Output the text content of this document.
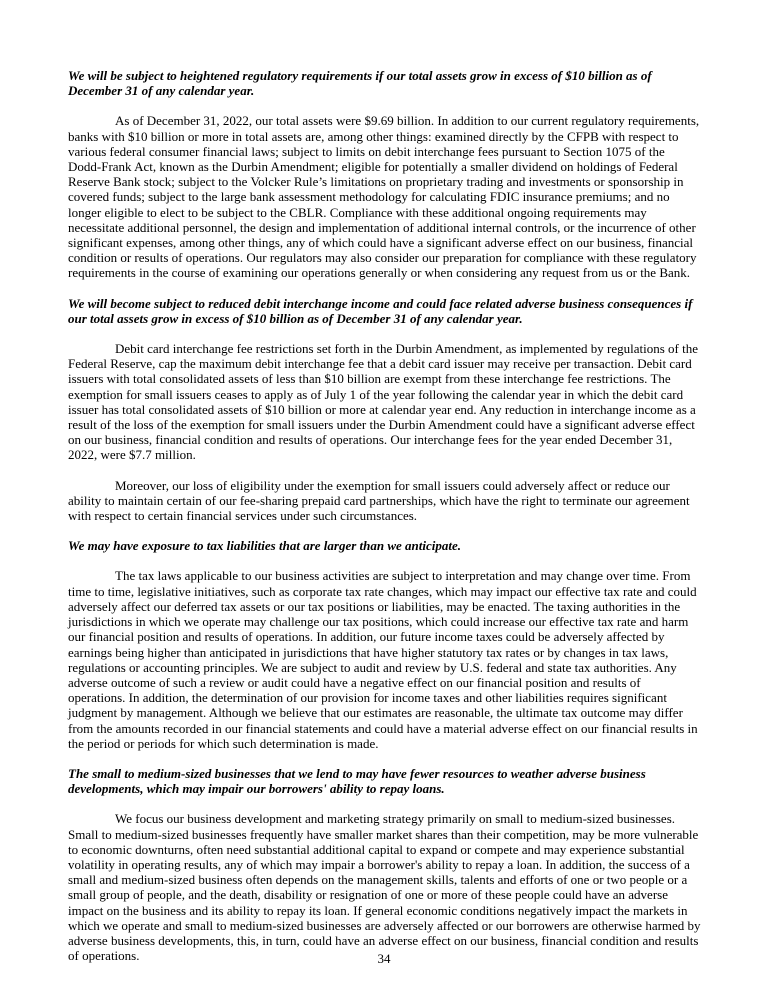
We will be subject to heightened regulatory requirements if our total assets grow in excess of $10 billion as of December 31 of any calendar year.
As of December 31, 2022, our total assets were $9.69 billion. In addition to our current regulatory requirements, banks with $10 billion or more in total assets are, among other things: examined directly by the CFPB with respect to various federal consumer financial laws; subject to limits on debit interchange fees pursuant to Section 1075 of the Dodd-Frank Act, known as the Durbin Amendment; eligible for potentially a smaller dividend on holdings of Federal Reserve Bank stock; subject to the Volcker Rule’s limitations on proprietary trading and investments or sponsorship in covered funds; subject to the large bank assessment methodology for calculating FDIC insurance premiums; and no longer eligible to elect to be subject to the CBLR. Compliance with these additional ongoing requirements may necessitate additional personnel, the design and implementation of additional internal controls, or the incurrence of other significant expenses, among other things, any of which could have a significant adverse effect on our business, financial condition or results of operations. Our regulators may also consider our preparation for compliance with these regulatory requirements in the course of examining our operations generally or when considering any request from us or the Bank.
We will become subject to reduced debit interchange income and could face related adverse business consequences if our total assets grow in excess of $10 billion as of December 31 of any calendar year.
Debit card interchange fee restrictions set forth in the Durbin Amendment, as implemented by regulations of the Federal Reserve, cap the maximum debit interchange fee that a debit card issuer may receive per transaction. Debit card issuers with total consolidated assets of less than $10 billion are exempt from these interchange fee restrictions. The exemption for small issuers ceases to apply as of July 1 of the year following the calendar year in which the debit card issuer has total consolidated assets of $10 billion or more at calendar year end. Any reduction in interchange income as a result of the loss of the exemption for small issuers under the Durbin Amendment could have a significant adverse effect on our business, financial condition and results of operations. Our interchange fees for the year ended December 31, 2022, were $7.7 million.
Moreover, our loss of eligibility under the exemption for small issuers could adversely affect or reduce our ability to maintain certain of our fee-sharing prepaid card partnerships, which have the right to terminate our agreement with respect to certain financial services under such circumstances.
We may have exposure to tax liabilities that are larger than we anticipate.
The tax laws applicable to our business activities are subject to interpretation and may change over time. From time to time, legislative initiatives, such as corporate tax rate changes, which may impact our effective tax rate and could adversely affect our deferred tax assets or our tax positions or liabilities, may be enacted. The taxing authorities in the jurisdictions in which we operate may challenge our tax positions, which could increase our effective tax rate and harm our financial position and results of operations. In addition, our future income taxes could be adversely affected by earnings being higher than anticipated in jurisdictions that have higher statutory tax rates or by changes in tax laws, regulations or accounting principles. We are subject to audit and review by U.S. federal and state tax authorities. Any adverse outcome of such a review or audit could have a negative effect on our financial position and results of operations. In addition, the determination of our provision for income taxes and other liabilities requires significant judgment by management. Although we believe that our estimates are reasonable, the ultimate tax outcome may differ from the amounts recorded in our financial statements and could have a material adverse effect on our financial results in the period or periods for which such determination is made.
The small to medium-sized businesses that we lend to may have fewer resources to weather adverse business developments, which may impair our borrowers' ability to repay loans.
We focus our business development and marketing strategy primarily on small to medium-sized businesses. Small to medium-sized businesses frequently have smaller market shares than their competition, may be more vulnerable to economic downturns, often need substantial additional capital to expand or compete and may experience substantial volatility in operating results, any of which may impair a borrower's ability to repay a loan. In addition, the success of a small and medium-sized business often depends on the management skills, talents and efforts of one or two people or a small group of people, and the death, disability or resignation of one or more of these people could have an adverse impact on the business and its ability to repay its loan. If general economic conditions negatively impact the markets in which we operate and small to medium-sized businesses are adversely affected or our borrowers are otherwise harmed by adverse business developments, this, in turn, could have an adverse effect on our business, financial condition and results of operations.	34
